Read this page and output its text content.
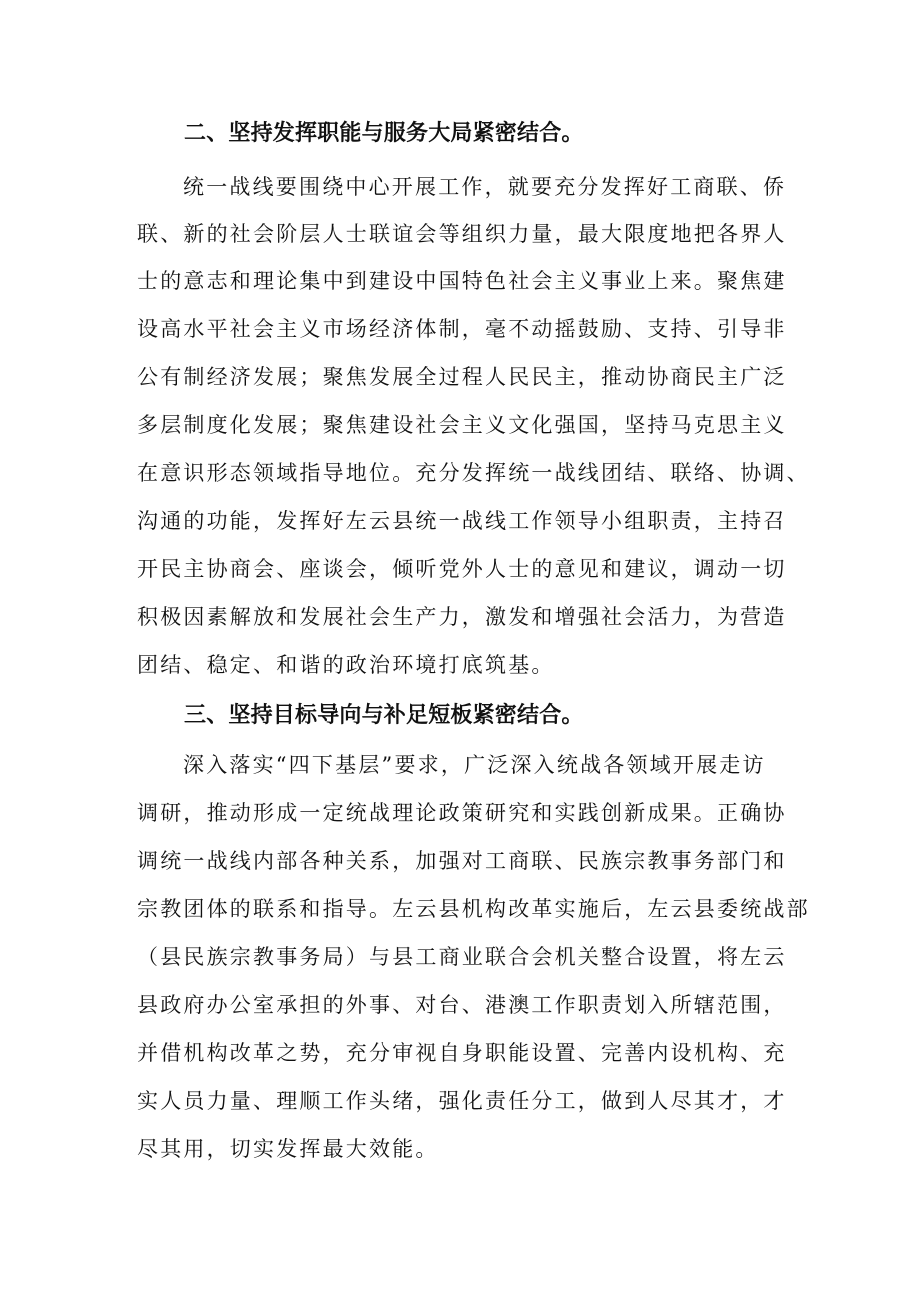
二、坚持发挥职能与服务大局紧密结合。

统一战线要围绕中心开展工作，就要充分发挥好工商联、侨

联、新的社会阶层人士联谊会等组织力量，最大限度地把各界人

士的意志和理论集中到建设中国特色社会主义事业上来。聚焦建

设高水平社会主义市场经济体制，毫不动摇鼓励、支持、引导非

公有制经济发展；聚焦发展全过程人民民主，推动协商民主广泛

多层制度化发展；聚焦建设社会主义文化强国，坚持马克思主义

在意识形态领域指导地位。充分发挥统一战线团结、联络、协调、

沟通的功能，发挥好左云县统一战线工作领导小组职责，主持召

开民主协商会、座谈会，倾听党外人士的意见和建议，调动一切

积极因素解放和发展社会生产力，激发和增强社会活力，为营造

团结、稳定、和谐的政治环境打底筑基。

三、坚持目标导向与补足短板紧密结合。

深入落实“四下基层”要求，广泛深入统战各领域开展走访

调研，推动形成一定统战理论政策研究和实践创新成果。正确协

调统一战线内部各种关系，加强对工商联、民族宗教事务部门和

宗教团体的联系和指导。左云县机构改革实施后，左云县委统战部

（县民族宗教事务局）与县工商业联合会机关整合设置，将左云

县政府办公室承担的外事、对台、港澳工作职责划入所辖范围，

并借机构改革之势，充分审视自身职能设置、完善内设机构、充

实人员力量、理顺工作头绪，强化责任分工，做到人尽其才，才

尽其用，切实发挥最大效能。
